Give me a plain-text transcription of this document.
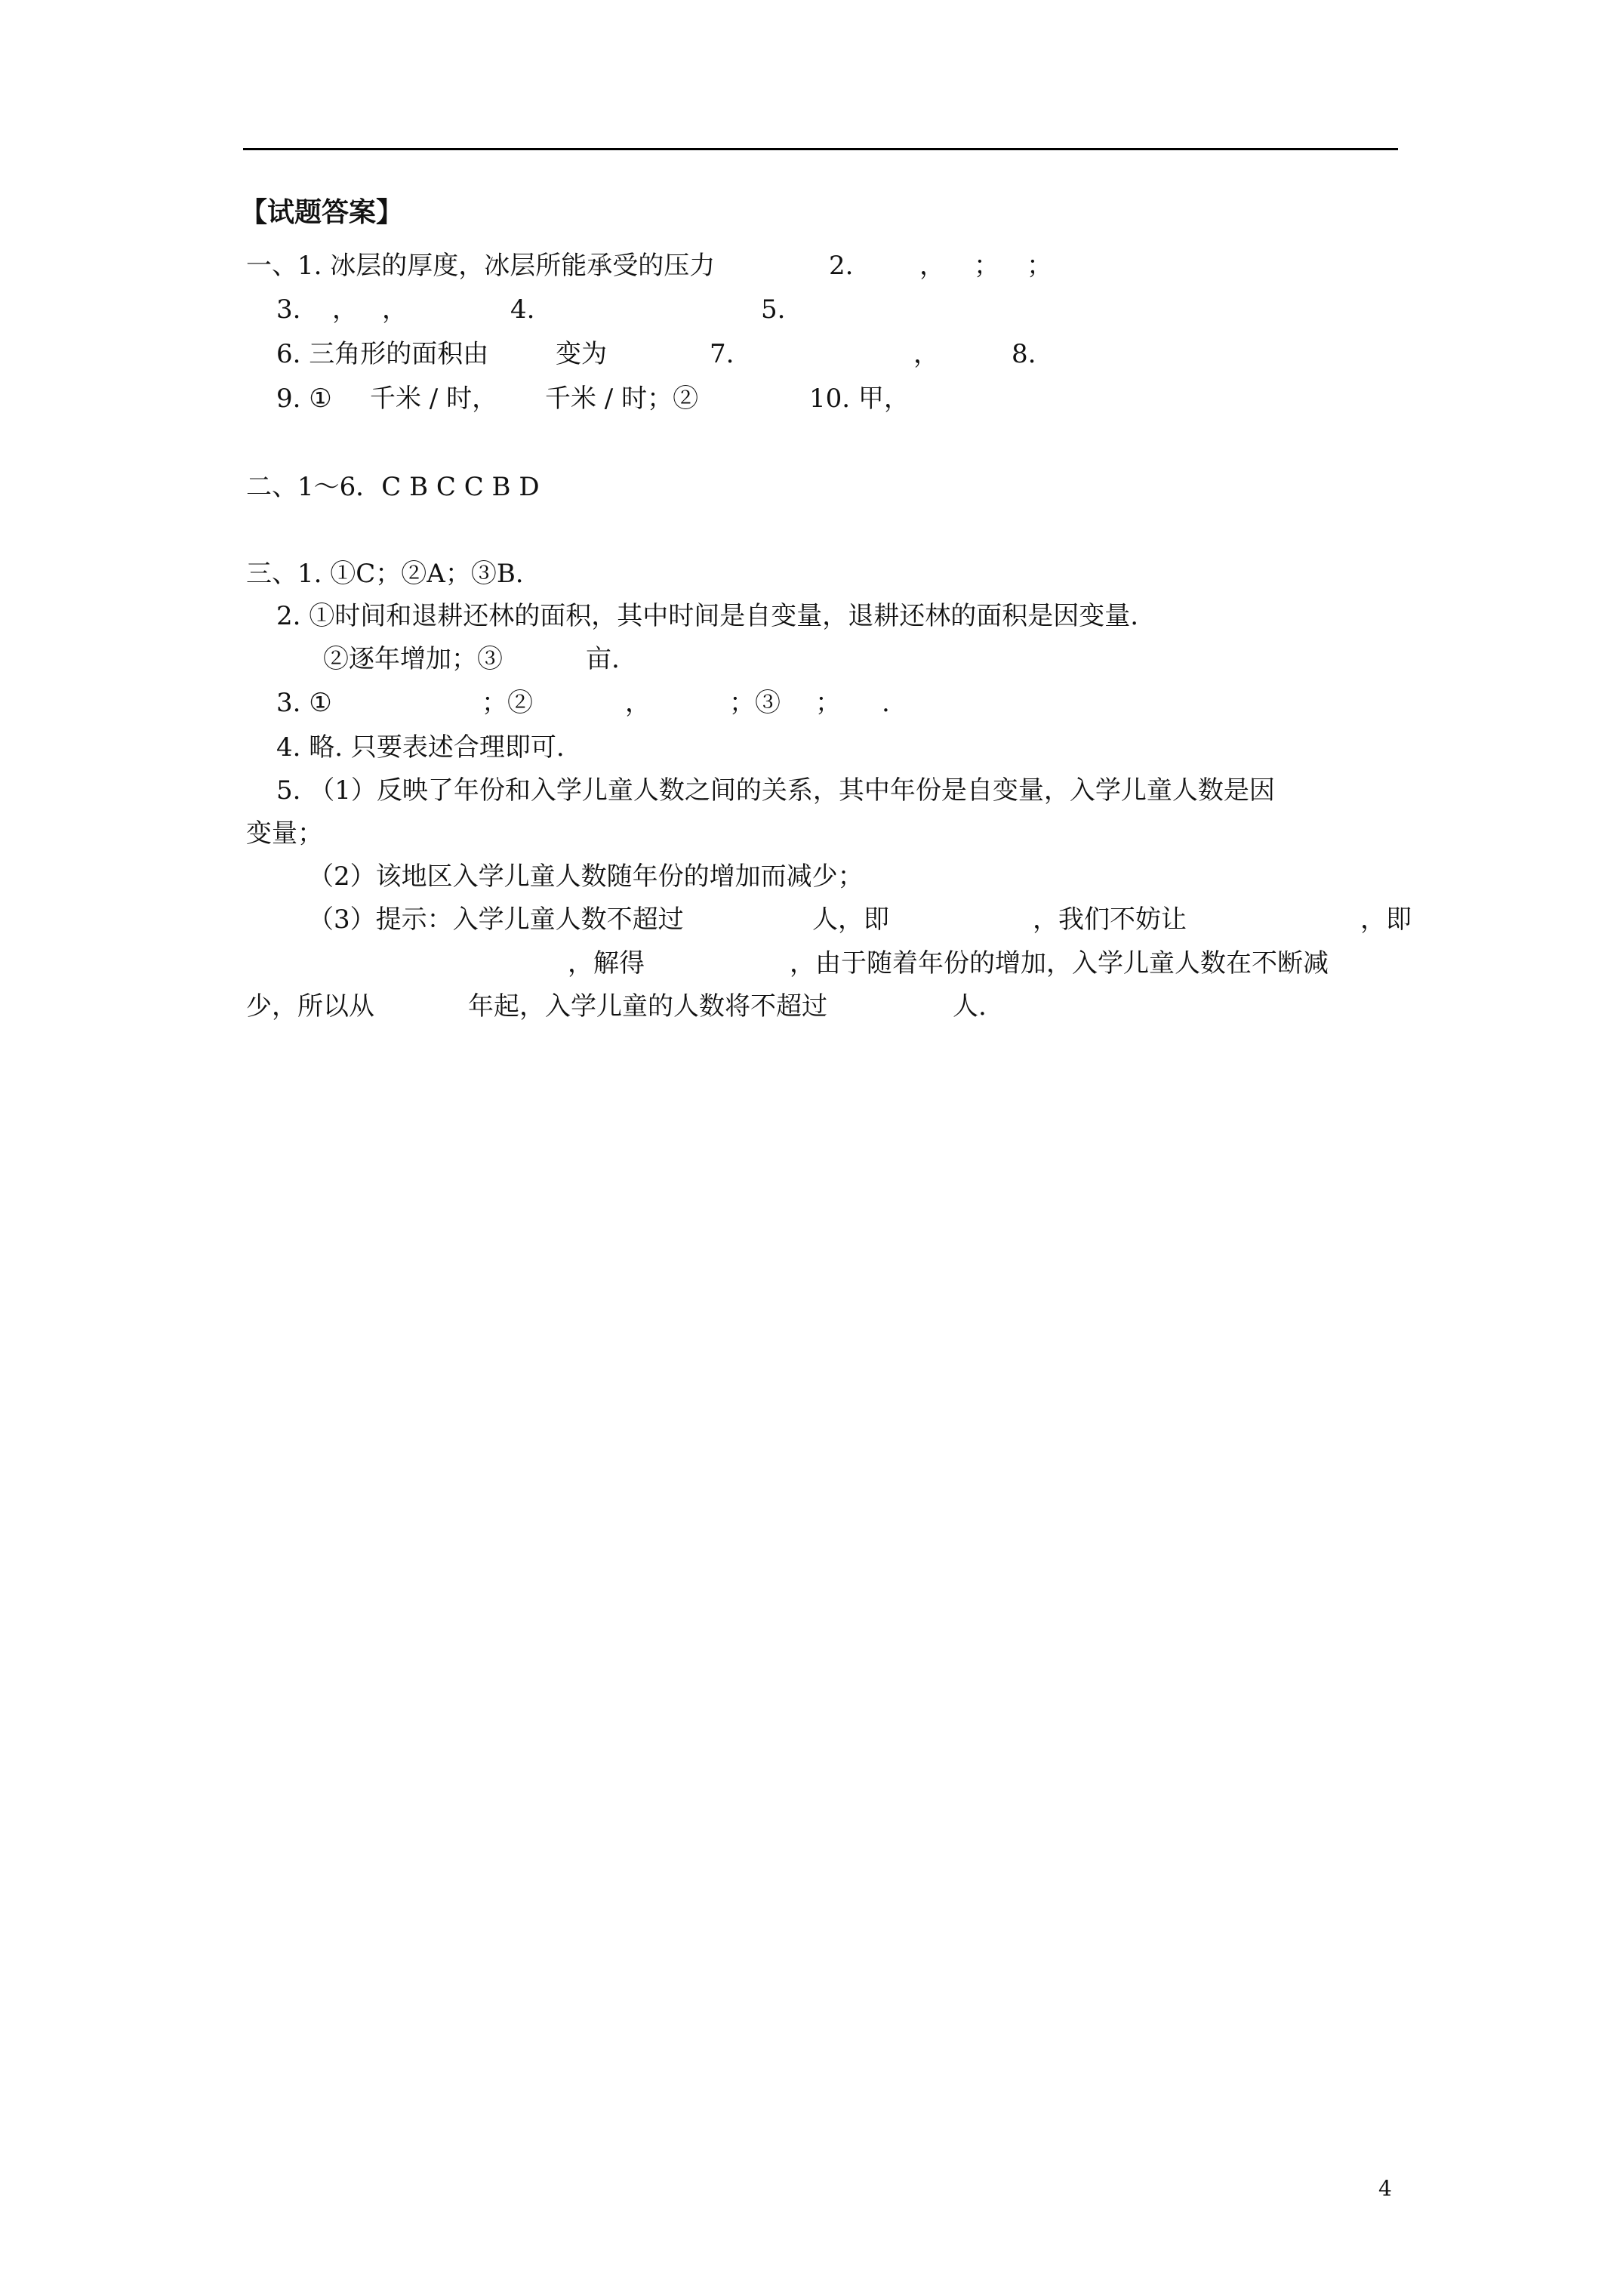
【试题答案】
一、1. 冰层的厚度，冰层所能承受的压力	2.	， ； ；
3. ， ，	4.	5.
6. 三角形的面积由	变为	7.	，	8.
9. ① 千米 / 时， 千米 / 时；②	10. 甲，
二、1～6．C B C C B D
三、1. ①C；②A；③B.
2. ①时间和退耕还林的面积，其中时间是自变量，退耕还林的面积是因变量.
②逐年增加；③	亩.
3. ①	；②	，	；③ ； .
4. 略. 只要表述合理即可.
5. （1）反映了年份和入学儿童人数之间的关系，其中年份是自变量，入学儿童人数是因
变量；
（2）该地区入学儿童人数随年份的增加而减少；
（3）提示：入学儿童人数不超过	人，即	，我们不妨让	，即
，解得	，由于随着年份的增加，入学儿童人数在不断减
少，所以从	年起，入学儿童的人数将不超过	人.
4
